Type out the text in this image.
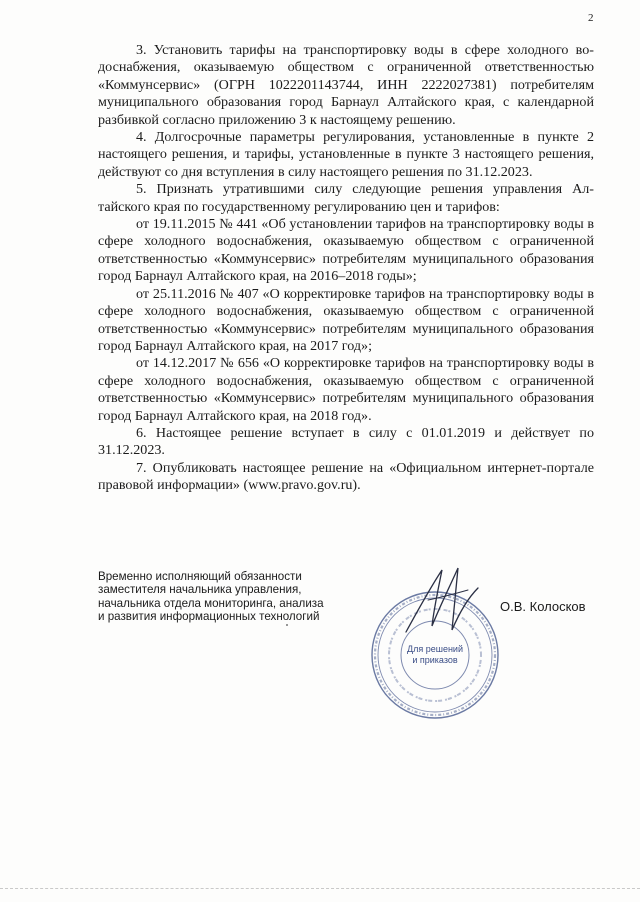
2

3. Установить тарифы на транспортировку воды в сфере холодного водоснабжения, оказываемую обществом с ограниченной ответственностью «Коммунсервис» (ОГРН 1022201143744, ИНН 2222027381) потребителям муниципального образования город Барнаул Алтайского края, с календарной разбивкой согласно приложению 3 к настоящему решению.

4. Долгосрочные параметры регулирования, установленные в пункте 2 настоящего решения, и тарифы, установленные в пункте 3 настоящего решения, действуют со дня вступления в силу настоящего решения по 31.12.2023.

5. Признать утратившими силу следующие решения управления Алтайского края по государственному регулированию цен и тарифов:

от 19.11.2015 № 441 «Об установлении тарифов на транспортировку воды в сфере холодного водоснабжения, оказываемую обществом с ограниченной ответственностью «Коммунсервис» потребителям муниципального образования город Барнаул Алтайского края, на 2016–2018 годы»;

от 25.11.2016 № 407 «О корректировке тарифов на транспортировку воды в сфере холодного водоснабжения, оказываемую обществом с ограниченной ответственностью «Коммунсервис» потребителям муниципального образования город Барнаул Алтайского края, на 2017 год»;

от 14.12.2017 № 656 «О корректировке тарифов на транспортировку воды в сфере холодного водоснабжения, оказываемую обществом с ограниченной ответственностью «Коммунсервис» потребителям муниципального образования город Барнаул Алтайского края, на 2018 год».

6. Настоящее решение вступает в силу с 01.01.2019 и действует по 31.12.2023.

7. Опубликовать настоящее решение на «Официальном интернет-портале правовой информации» (www.pravo.gov.ru).

Временно исполняющий обязанности
заместителя начальника управления,
начальника отдела мониторинга, анализа
и развития информационных технологий
Для решений
и приказов
О.В. Колосков
